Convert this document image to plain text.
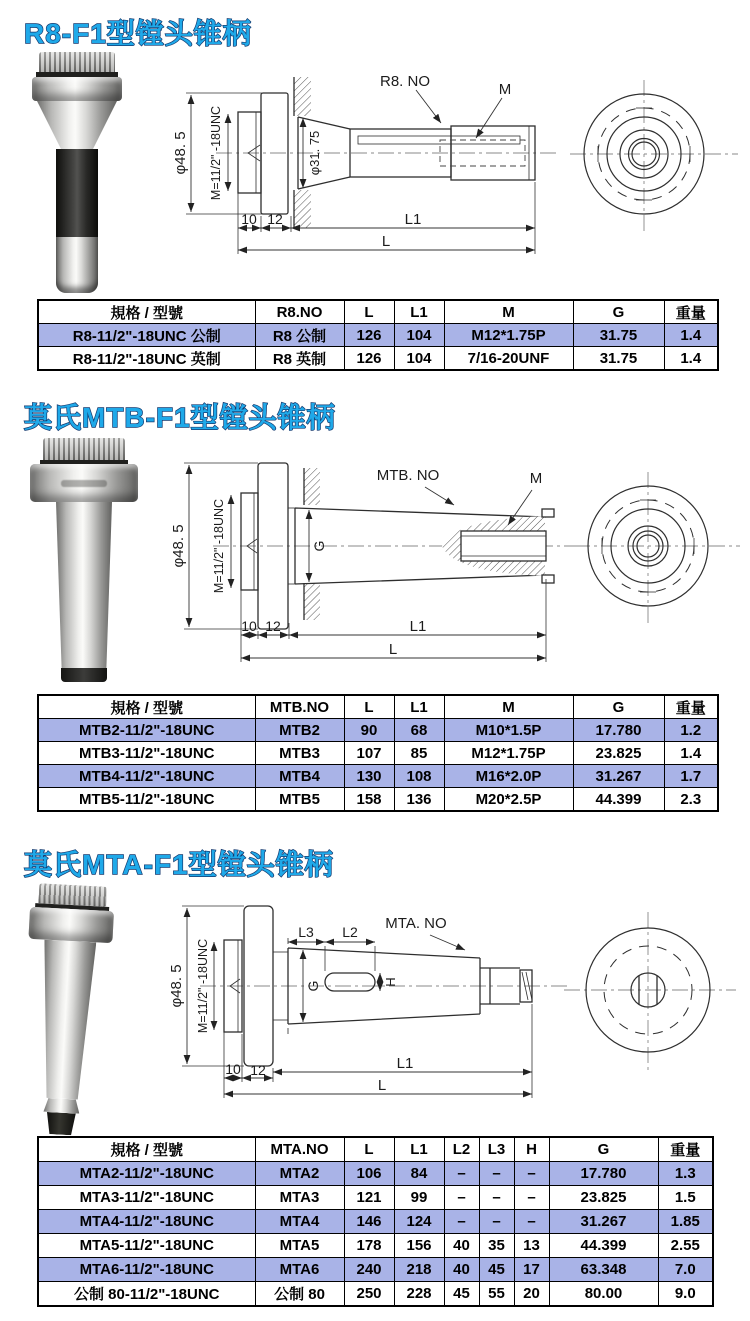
R8-F1型镗头锥柄
φ48. 5 M=11/2" -18UNC	φ31. 75
R8. NO	M
10 12	L1
L
規格 / 型號	R8.NO	L	L1	M	G	重量
R8-11/2"-18UNC 公制	R8 公制	126	104	M12*1.75P	31.75	1.4
R8-11/2"-18UNC 英制	R8 英制	126	104	7/16-20UNF	31.75	1.4
莫氏MTB-F1型镗头锥柄
φ48. 5 M=11/2" -18UNC	G
MTB. NO	M
10 12	L1
L
規格 / 型號	MTB.NO	L	L1	M	G	重量
MTB2-11/2"-18UNC	MTB2	90	68	M10*1.5P	17.780	1.2
MTB3-11/2"-18UNC	MTB3	107	85	M12*1.75P	23.825	1.4
MTB4-11/2"-18UNC	MTB4	130	108	M16*2.0P	31.267	1.7
MTB5-11/2"-18UNC	MTB5	158	136	M20*2.5P	44.399	2.3
莫氏MTA-F1型镗头锥柄
φ48. 5 M=11/2" -18UNC	G	H
L3 L2 MTA. NO
10 12	L1
L
規格 / 型號	MTA.NO	L	L1	L2	L3	H	G	重量
MTA2-11/2"-18UNC	MTA2	106	84	–	–	–	17.780	1.3
MTA3-11/2"-18UNC	MTA3	121	99	–	–	–	23.825	1.5
MTA4-11/2"-18UNC	MTA4	146	124	–	–	–	31.267	1.85
MTA5-11/2"-18UNC	MTA5	178	156	40	35	13	44.399	2.55
MTA6-11/2"-18UNC	MTA6	240	218	40	45	17	63.348	7.0
公制 80-11/2"-18UNC	公制 80	250	228	45	55	20	80.00	9.0
